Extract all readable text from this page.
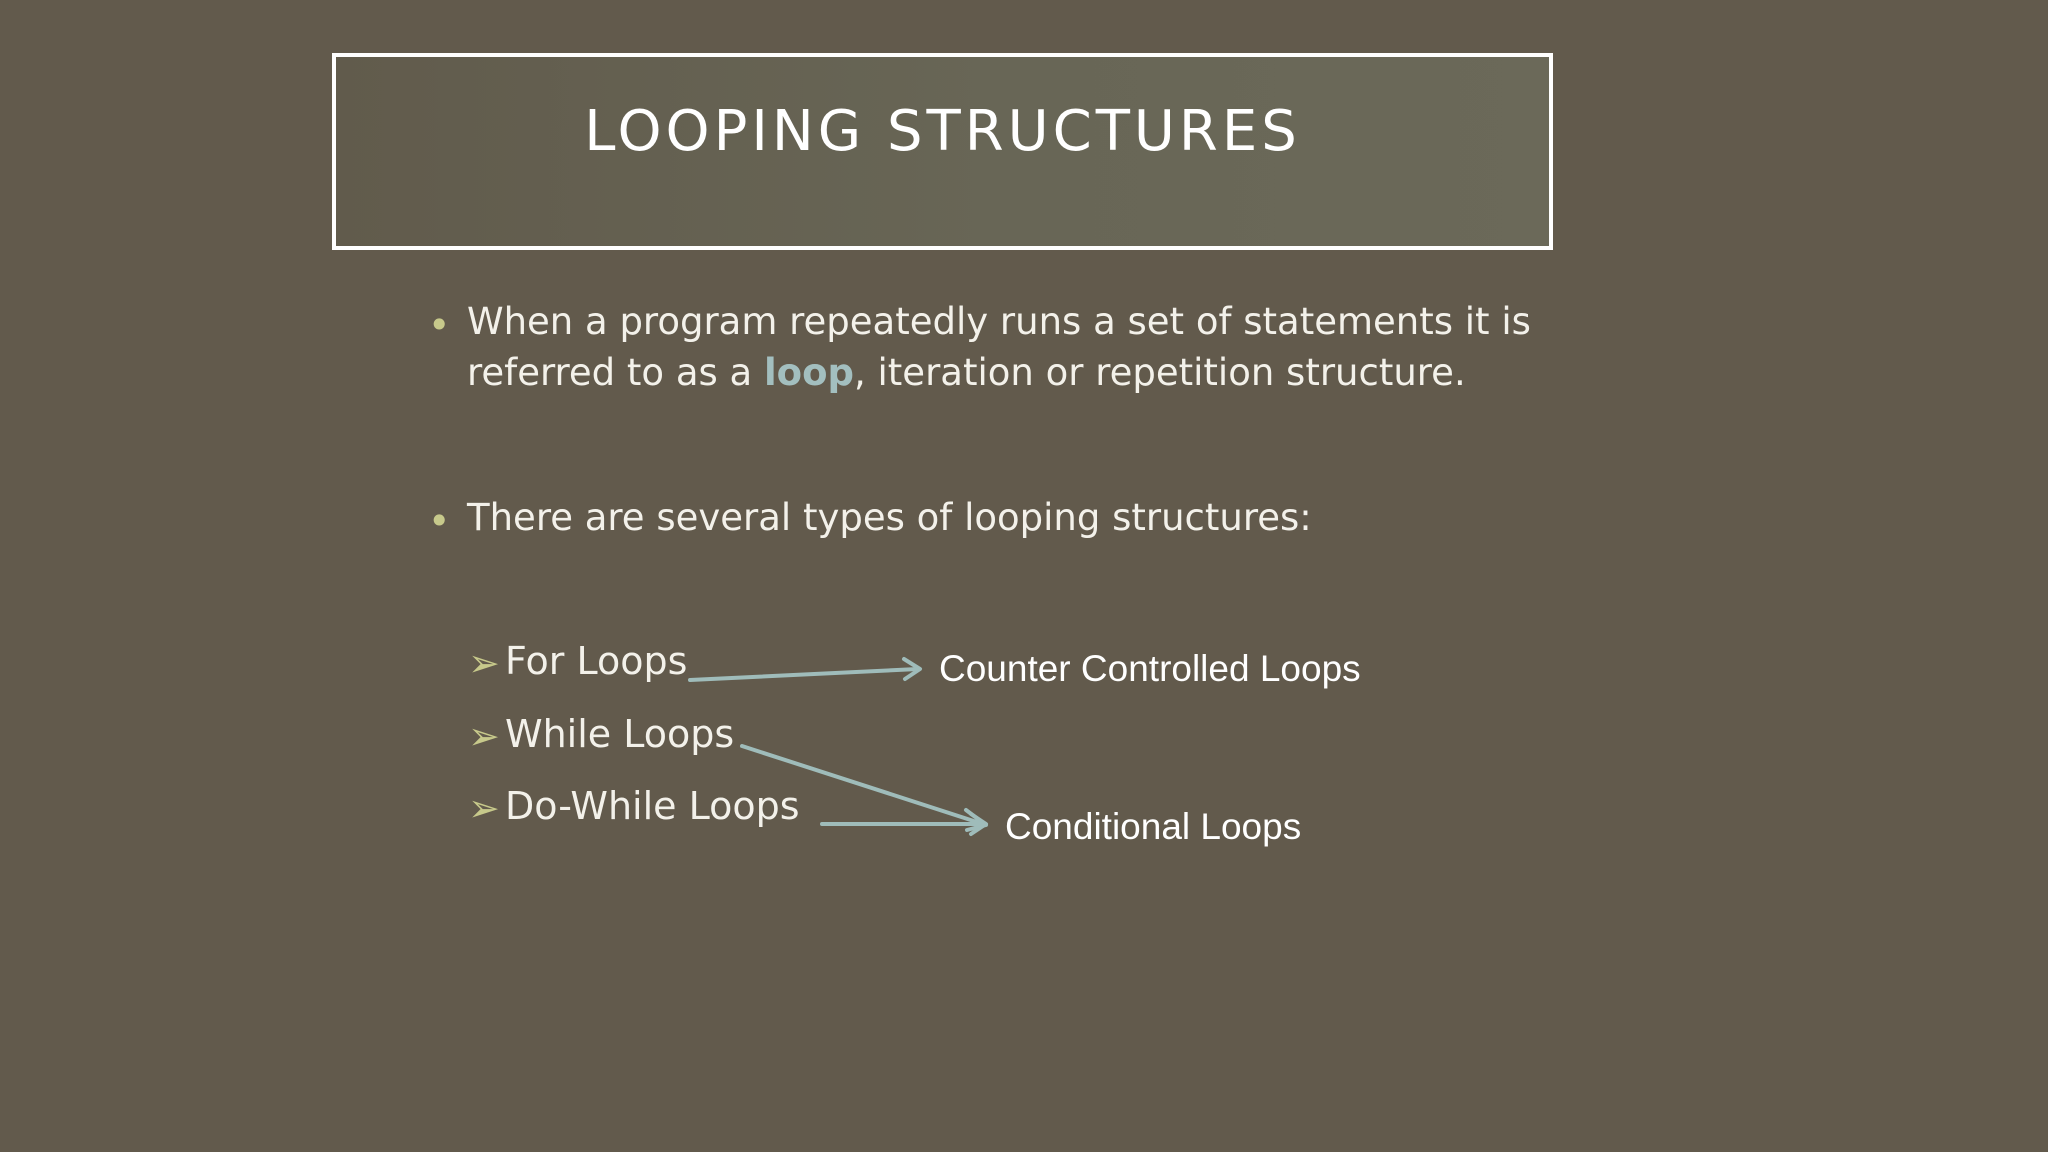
LOOPING STRUCTURES
• When a program repeatedly runs a set of statements it is
referred to as a loop, iteration or repetition structure.
• There are several types of looping structures:
➢ For Loops
➢ While Loops
➢ Do-While Loops
Counter Controlled Loops
Conditional Loops
